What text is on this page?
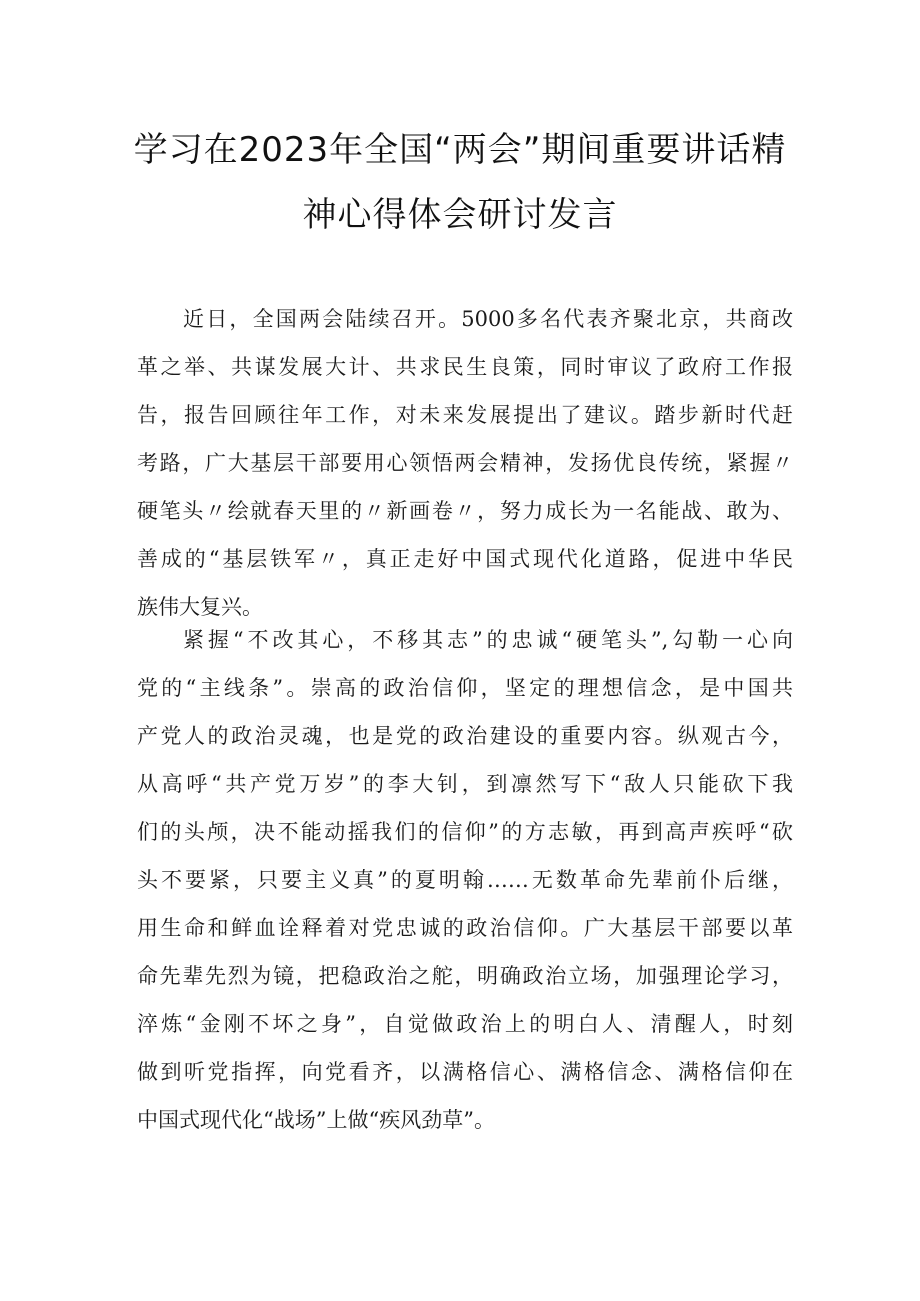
学习在2023年全国“两会”期间重要讲话精
神心得体会研讨发言

近日，全国两会陆续召开。5000多名代表齐聚北京，共商改

革之举、共谋发展大计、共求民生良策，同时审议了政府工作报

告，报告回顾往年工作，对未来发展提出了建议。踏步新时代赶

考路，广大基层干部要用心领悟两会精神，发扬优良传统，紧握〃

硬笔头〃绘就春天里的〃新画卷〃，努力成长为一名能战、敢为、

善成的“基层铁军〃，真正走好中国式现代化道路，促进中华民

族伟大复兴。

紧握“不改其心，不移其志”的忠诚“硬笔头”,勾勒一心向

党的“主线条”。崇高的政治信仰，坚定的理想信念，是中国共

产党人的政治灵魂，也是党的政治建设的重要内容。纵观古今，

从高呼“共产党万岁”的李大钊，到凛然写下“敌人只能砍下我

们的头颅，决不能动摇我们的信仰”的方志敏，再到高声疾呼“砍

头不要紧，只要主义真”的夏明翰……无数革命先辈前仆后继，

用生命和鲜血诠释着对党忠诚的政治信仰。广大基层干部要以革

命先辈先烈为镜，把稳政治之舵，明确政治立场，加强理论学习，

淬炼“金刚不坏之身”，自觉做政治上的明白人、清醒人，时刻

做到听党指挥，向党看齐，以满格信心、满格信念、满格信仰在

中国式现代化“战场”上做“疾风劲草”。
